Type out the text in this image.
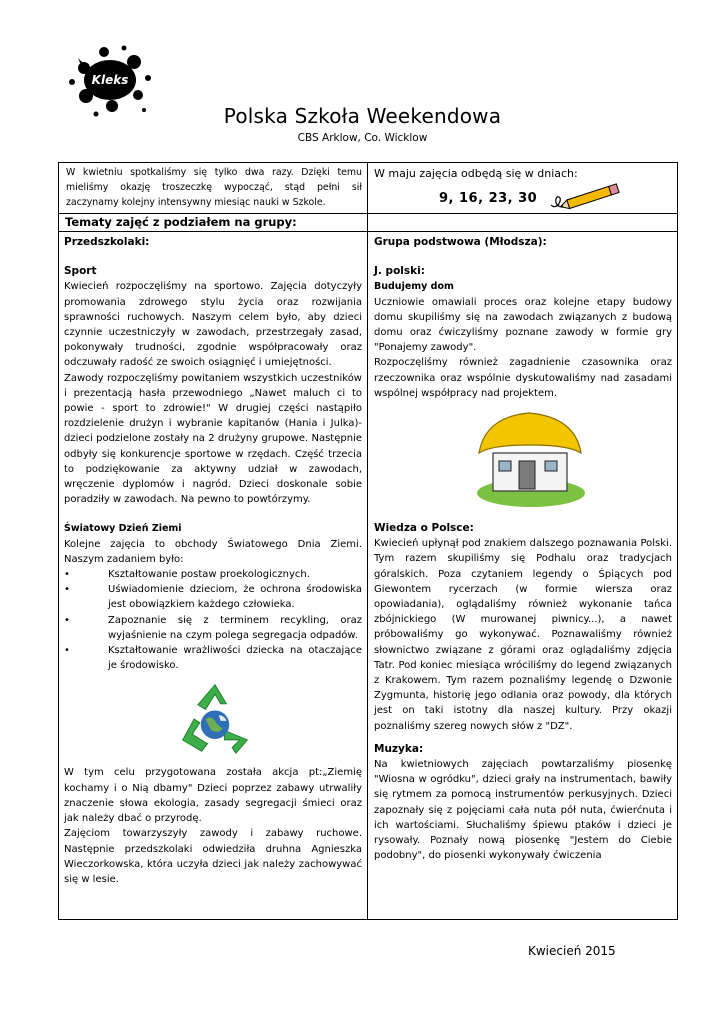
Kleks
Polska Szkoła Weekendowa
CBS Arklow, Co. Wicklow
W kwietniu spotkaliśmy się tylko dwa razy. Dzięki temu mieliśmy okazję troszeczkę wypocząć, stąd pełni sił zaczynamy kolejny intensywny miesiąc nauki w Szkole.
W maju zajęcia odbędą się w dniach:
9, 16, 23, 30
Tematy zajęć z podziałem na grupy:
Przedszkolaki:
Sport
Kwiecień rozpoczęliśmy na sportowo. Zajęcia dotyczyły promowania zdrowego stylu życia oraz rozwijania sprawności ruchowych. Naszym celem było, aby dzieci czynnie uczestniczyły w zawodach, przestrzegały zasad, pokonywały trudności, zgodnie współpracowały oraz odczuwały radość ze swoich osiągnięć i umiejętności.
Zawody rozpoczęliśmy powitaniem wszystkich uczestników i prezentacją hasła przewodniego „Nawet maluch ci to powie - sport to zdrowie!" W drugiej części nastąpiło rozdzielenie drużyn i wybranie kapitanów (Hania i Julka)-dzieci podzielone zostały na 2 drużyny grupowe. Następnie odbyły się konkurencje sportowe w rzędach. Część trzecia to podziękowanie za aktywny udział w zawodach, wręczenie dyplomów i nagród. Dzieci doskonale sobie poradziły w zawodach. Na pewno to powtórzymy.
Światowy Dzień Ziemi
Kolejne zajęcia to obchody Światowego Dnia Ziemi. Naszym zadaniem było:
•	Kształtowanie postaw proekologicznych.
•	Uświadomienie dzieciom, że ochrona środowiska jest obowiązkiem każdego człowieka.
•	Zapoznanie się z terminem recykling, oraz wyjaśnienie na czym polega segregacja odpadów.
•	Kształtowanie wrażliwości dziecka na otaczające je środowisko.
W tym celu przygotowana została akcja pt:„Ziemię kochamy i o Nią dbamy" Dzieci poprzez zabawy utrwaliły znaczenie słowa ekologia, zasady segregacji śmieci oraz jak należy dbać o przyrodę.
Zajęciom towarzyszyły zawody i zabawy ruchowe. Następnie przedszkolaki odwiedziła druhna Agnieszka Wieczorkowska, która uczyła dzieci jak należy zachowywać się w lesie.
Grupa podstwowa (Młodsza):
J. polski:
Budujemy dom
Uczniowie omawiali proces oraz kolejne etapy budowy domu skupiliśmy się na zawodach związanych z budową domu oraz ćwiczyliśmy poznane zawody w formie gry "Ponajemy zawody".
Rozpoczęliśmy również zagadnienie czasownika oraz rzeczownika oraz wspólnie dyskutowaliśmy nad zasadami wspólnej współpracy nad projektem.
Wiedza o Polsce:
Kwiecień upłynął pod znakiem dalszego poznawania Polski. Tym razem skupiliśmy się Podhalu oraz tradycjach góralskich. Poza czytaniem legendy o Śpiących pod Giewontem rycerzach (w formie wiersza oraz opowiadania), oglądaliśmy również wykonanie tańca zbójnickiego (W murowanej piwnicy...), a nawet próbowaliśmy go wykonywać. Poznawaliśmy również słownictwo związane z górami oraz oglądaliśmy zdjęcia Tatr. Pod koniec miesiąca wróciliśmy do legend związanych z Krakowem. Tym razem poznaliśmy legendę o Dzwonie Zygmunta, historię jego odlania oraz powody, dla których jest on taki istotny dla naszej kultury. Przy okazji poznaliśmy szereg nowych słów z "DZ".
Muzyka:
Na kwietniowych zajęciach powtarzaliśmy piosenkę "Wiosna w ogródku", dzieci grały na instrumentach, bawiły się rytmem za pomocą instrumentów perkusyjnych. Dzieci zapoznały się z pojęciami cała nuta pół nuta, ćwierćnuta i ich wartościami. Słuchaliśmy śpiewu ptaków i dzieci je rysowały. Poznały nową piosenkę "Jestem do Ciebie podobny", do piosenki wykonywały ćwiczenia
Kwiecień 2015
